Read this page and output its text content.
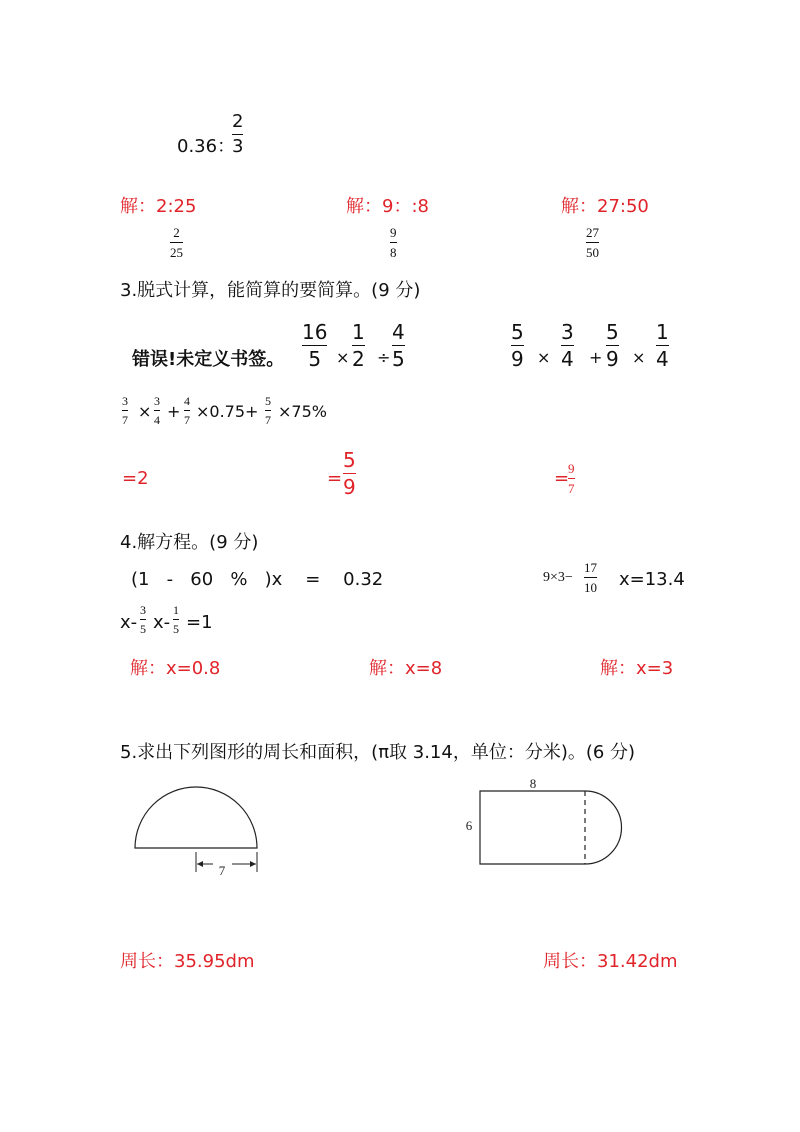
0.36：
2
3
解：2:25	解：9：:8	解：27:50
2
25
9
8
27
50
3.脱式计算，能简算的要简算。(9 分)
错误!未定义书签。
16
5 ×
1
2 ÷
4
5
5
9 ×
3
4 +
5
9 ×
1
4
3
7 ×
3
4 +
4
7 ×0.75+
5
7 ×75%
=2	=
5
9	=
9
7
4.解方程。(9 分)
(1   -   60   %   )x    =    0.32	9×3−
17
10 x=13.4
x-
3
5 x-
1
5 =1
解：x=0.8	解：x=8	解：x=3
5.求出下列图形的周长和面积，(π取 3.14，单位：分米)。(6 分)
7
8
6
周长：35.95dm	周长：31.42dm
